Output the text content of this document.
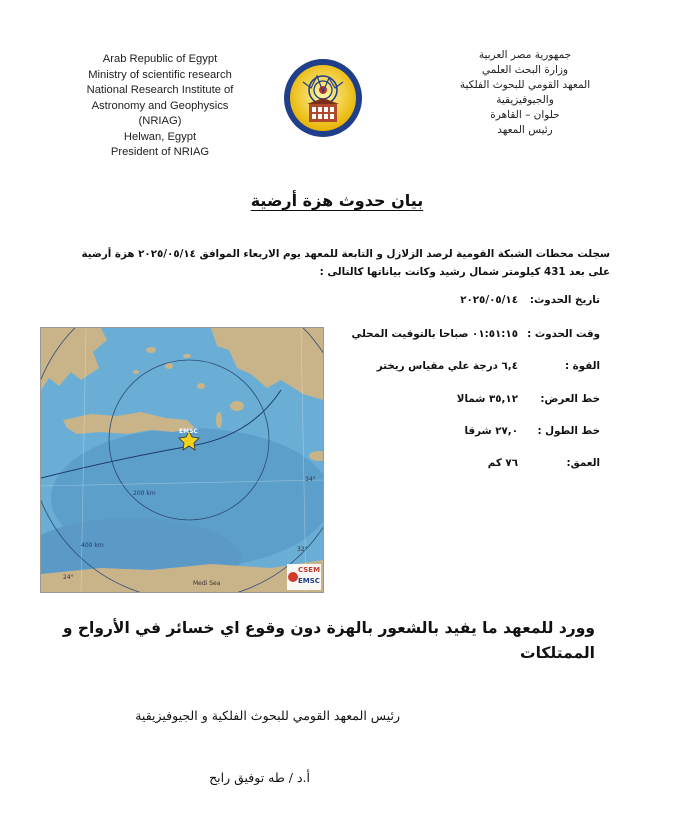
Arab Republic of Egypt
Ministry of scientific research
National Research Institute of
Astronomy and Geophysics
(NRIAG)
Helwan, Egypt
President of NRIAG
جمهورية مصر العربية
وزارة البحث العلمي
المعهد القومي للبحوث الفلكية
والجيوفيزيقية
حلوان – القاهرة
رئيس المعهد
بيان حدوث هزة أرضية
سجلت محطات الشبكة القومية لرصد الزلازل و التابعة للمعهد يوم الاربعاء الموافق ٢٠٢٥/٠٥/١٤ هزة أرضية على بعد 431 كيلومتر شمال رشيد وكانت بياناتها كالتالى :
تاريخ الحدوث:
٢٠٢٥/٠٥/١٤
وقت الحدوث :
٠١:٥١:١٥ صباحا بالتوقيت المحلي
القوة :
٦,٤ درجة علي مقياس ريختر
خط العرض:
٣٥,١٢ شمالا
خط الطول :
٢٧,٠ شرقا
العمق:
٧٦ كم
EMSC
200 km
400 km
24°
32°
34°
Medi Sea
CSEM
EMSC
وورد للمعهد ما يفيد بالشعور بالهزة دون وقوع اي خسائر في الأرواح و الممتلكات
رئيس المعهد القومي للبحوث الفلكية و الجيوفيزيقية
أ.د / طه توفيق رابح
